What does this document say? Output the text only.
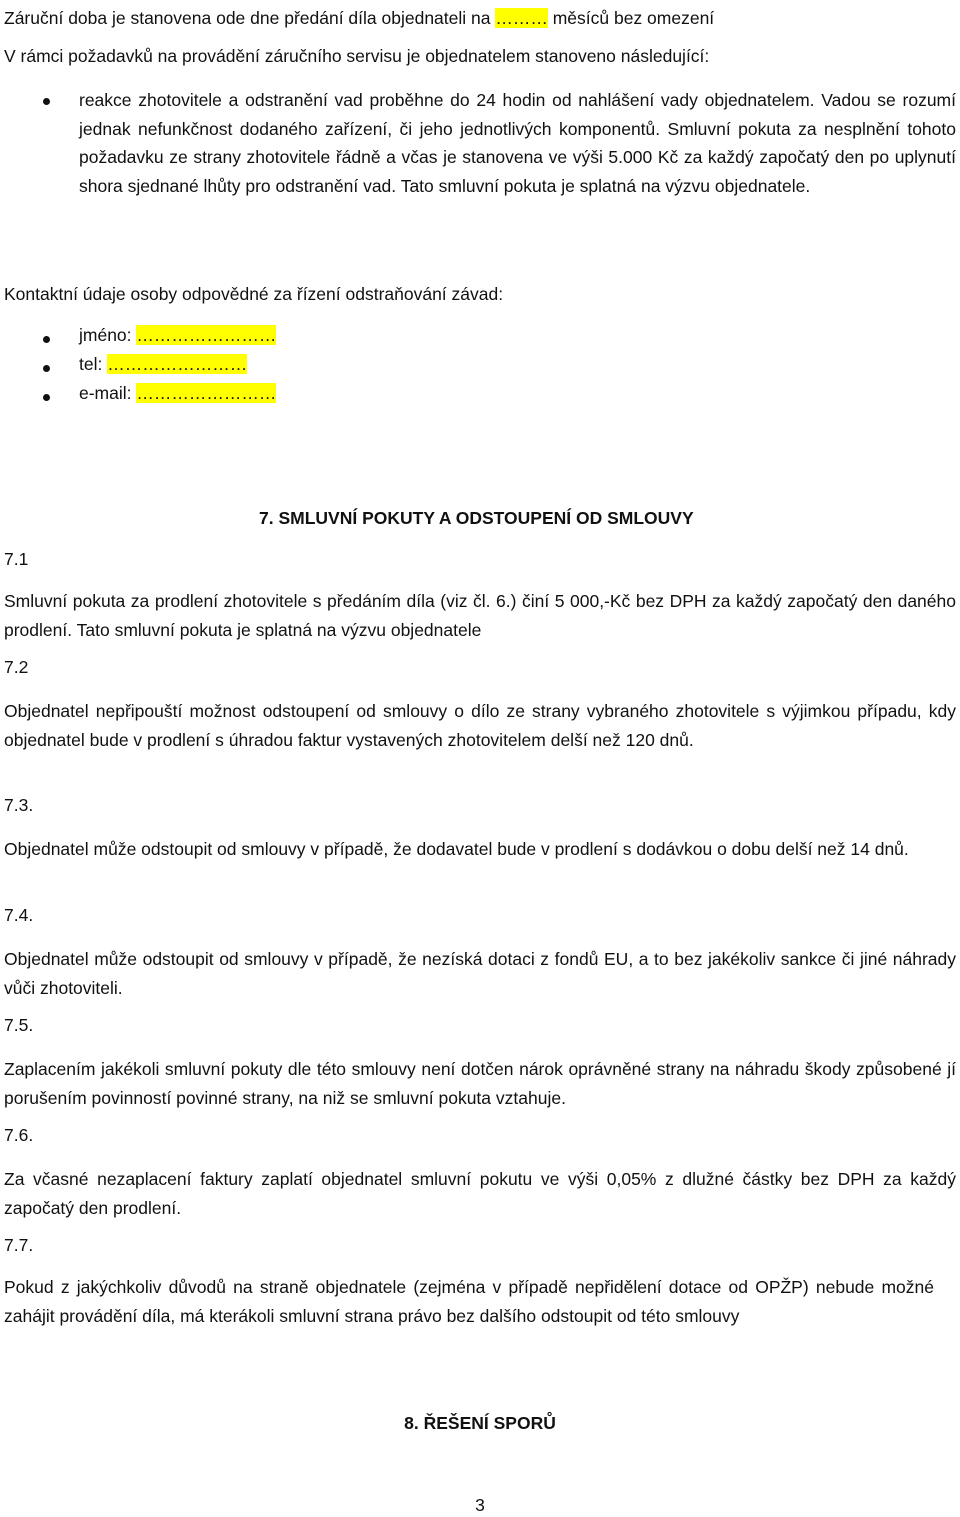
Záruční doba je stanovena ode dne předání díla objednateli na ……… měsíců bez omezení

V rámci požadavků na provádění záručního servisu je objednatelem stanoveno následující:

reakce zhotovitele a odstranění vad proběhne do 24 hodin od nahlášení vady objednatelem. Vadou se rozumí jednak nefunkčnost dodaného zařízení, či jeho jednotlivých komponentů. Smluvní pokuta za nesplnění tohoto požadavku ze strany zhotovitele řádně a včas je stanovena ve výši 5.000 Kč za každý započatý den po uplynutí shora sjednané lhůty pro odstranění vad. Tato smluvní pokuta je splatná na výzvu objednatele.

Kontaktní údaje osoby odpovědné za řízení odstraňování závad:

jméno: ……………………

tel: ……………………

e-mail: ……………………

7. SMLUVNÍ POKUTY A ODSTOUPENÍ OD SMLOUVY

7.1

Smluvní pokuta za prodlení zhotovitele s předáním díla (viz čl. 6.) činí 5 000,-Kč bez DPH za každý započatý den daného prodlení. Tato smluvní pokuta je splatná na výzvu objednatele

7.2

Objednatel nepřipouští možnost odstoupení od smlouvy o dílo ze strany vybraného zhotovitele s výjimkou případu, kdy objednatel bude v prodlení s úhradou faktur vystavených zhotovitelem delší než 120 dnů.

7.3.

Objednatel může odstoupit od smlouvy v případě, že dodavatel bude v prodlení s dodávkou o dobu delší než 14 dnů.

7.4.

Objednatel může odstoupit od smlouvy v případě, že nezíská dotaci z fondů EU, a to bez jakékoliv sankce či jiné náhrady vůči zhotoviteli.

7.5.

Zaplacením jakékoli smluvní pokuty dle této smlouvy není dotčen nárok oprávněné strany na náhradu škody způsobené jí porušením povinností povinné strany, na niž se smluvní pokuta vztahuje.

7.6.

Za včasné nezaplacení faktury zaplatí objednatel smluvní pokutu ve výši 0,05% z dlužné částky bez DPH za každý započatý den prodlení.

7.7.

Pokud z jakýchkoliv důvodů na straně objednatele (zejména v případě nepřidělení dotace od OPŽP) nebude možné zahájit provádění díla, má kterákoli smluvní strana právo bez dalšího odstoupit od této smlouvy

8. ŘEŠENÍ SPORŮ

3
